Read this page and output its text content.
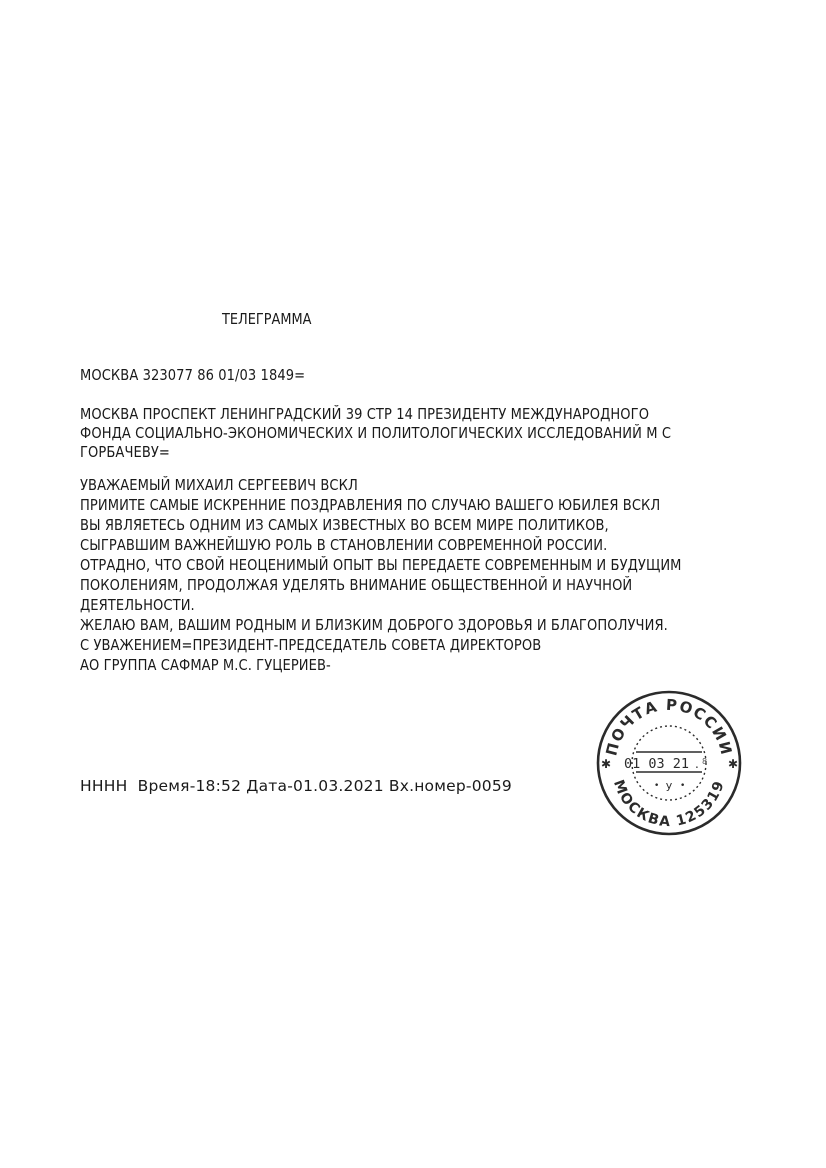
ТЕЛЕГРАММА

МОСКВА 323077 86 01/03 1849=

МОСКВА ПРОСПЕКТ ЛЕНИНГРАДСКИЙ 39 СТР 14 ПРЕЗИДЕНТУ МЕЖДУНАРОДНОГО

ФОНДА СОЦИАЛЬНО-ЭКОНОМИЧЕСКИХ И ПОЛИТОЛОГИЧЕСКИХ ИССЛЕДОВАНИЙ М С

ГОРБАЧЕВУ=

УВАЖАЕМЫЙ МИХАИЛ СЕРГЕЕВИЧ ВСКЛ

ПРИМИТЕ САМЫЕ ИСКРЕННИЕ ПОЗДРАВЛЕНИЯ ПО СЛУЧАЮ ВАШЕГО ЮБИЛЕЯ ВСКЛ

ВЫ ЯВЛЯЕТЕСЬ ОДНИМ ИЗ САМЫХ ИЗВЕСТНЫХ ВО ВСЕМ МИРЕ ПОЛИТИКОВ,

СЫГРАВШИМ ВАЖНЕЙШУЮ РОЛЬ В СТАНОВЛЕНИИ СОВРЕМЕННОЙ РОССИИ.

ОТРАДНО, ЧТО СВОЙ НЕОЦЕНИМЫЙ ОПЫТ ВЫ ПЕРЕДАЕТЕ СОВРЕМЕННЫМ И БУДУЩИМ

ПОКОЛЕНИЯМ, ПРОДОЛЖАЯ УДЕЛЯТЬ ВНИМАНИЕ ОБЩЕСТВЕННОЙ И НАУЧНОЙ

ДЕЯТЕЛЬНОСТИ.

ЖЕЛАЮ ВАМ, ВАШИМ РОДНЫМ И БЛИЗКИМ ДОБРОГО ЗДОРОВЬЯ И БЛАГОПОЛУЧИЯ.

С УВАЖЕНИЕМ=ПРЕЗИДЕНТ-ПРЕДСЕДАТЕЛЬ СОВЕТА ДИРЕКТОРОВ

АО ГРУППА САФМАР М.С. ГУЦЕРИЕВ-

НННН  Время-18:52 Дата-01.03.2021 Вх.номер-0059
ПОЧТА РОССИИ
МОСКВА 125319
✱	✱
01 03 21 8
.
у
• •
